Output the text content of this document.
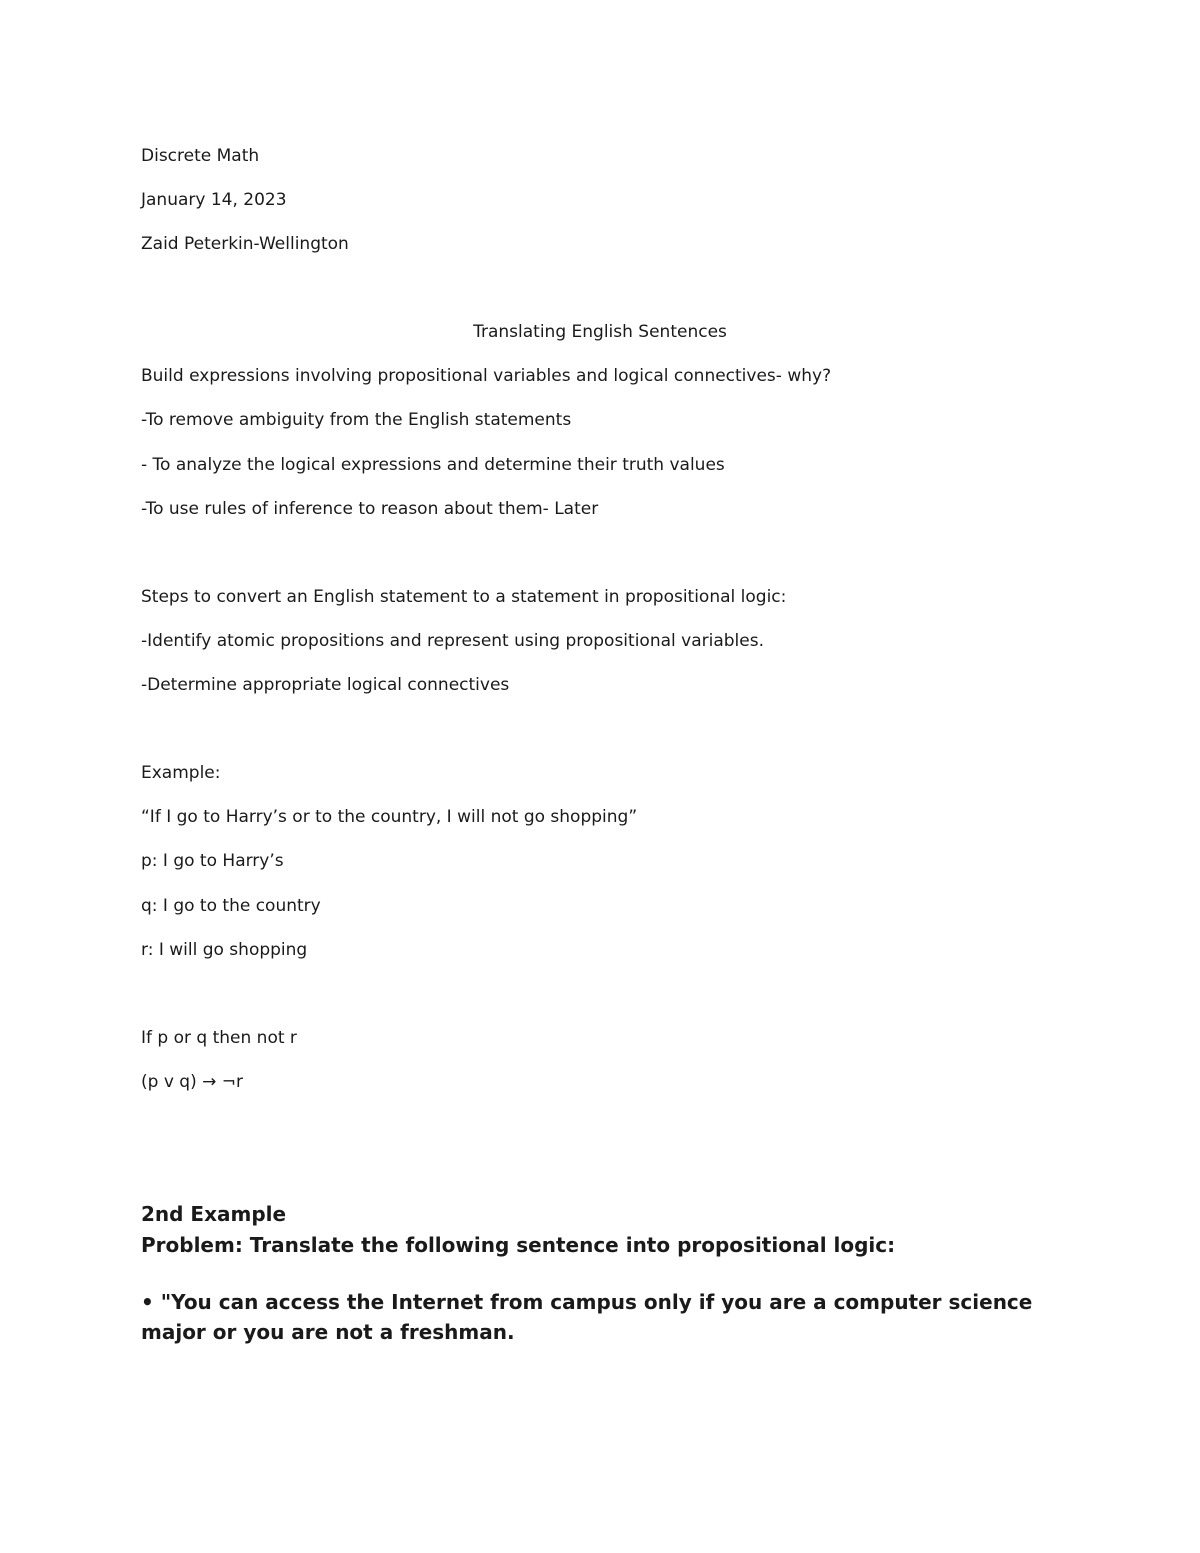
Discrete Math
January 14, 2023
Zaid Peterkin-Wellington
Translating English Sentences
Build expressions involving propositional variables and logical connectives- why?
-To remove ambiguity from the English statements
- To analyze the logical expressions and determine their truth values
-To use rules of inference to reason about them- Later
Steps to convert an English statement to a statement in propositional logic:
-Identify atomic propositions and represent using propositional variables.
-Determine appropriate logical connectives
Example:
“If I go to Harry’s or to the country, I will not go shopping”
p: I go to Harry’s
q: I go to the country
r: I will go shopping
If p or q then not r
(p v q) → ¬r
2nd Example
Problem: Translate the following sentence into propositional logic:
• "You can access the Internet from campus only if you are a computer science major or you are not a freshman.
